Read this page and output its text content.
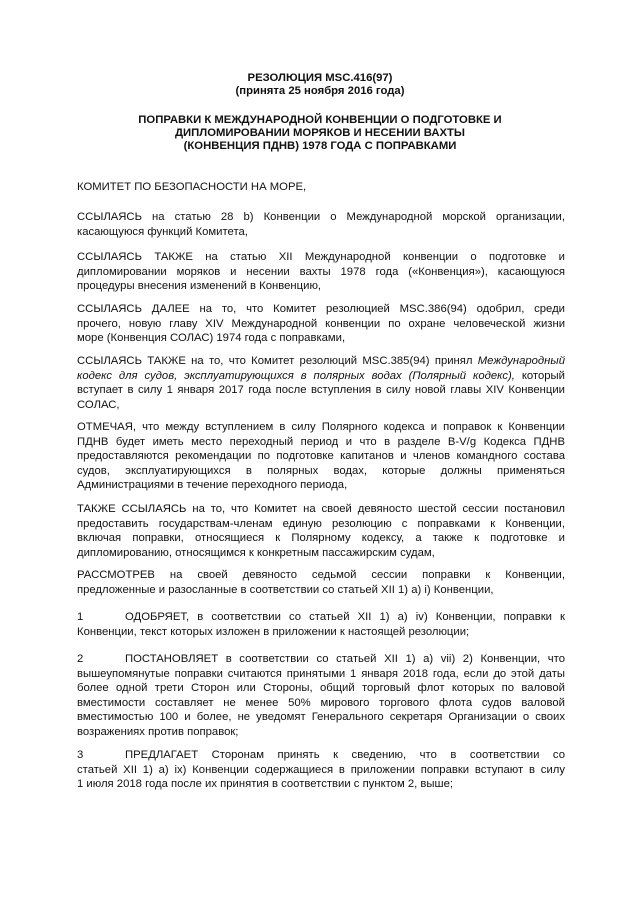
РЕЗОЛЮЦИЯ MSC.416(97)
(принята 25 ноября 2016 года)
ПОПРАВКИ К МЕЖДУНАРОДНОЙ КОНВЕНЦИИ О ПОДГОТОВКЕ И
ДИПЛОМИРОВАНИИ МОРЯКОВ И НЕСЕНИИ ВАХТЫ
(КОНВЕНЦИЯ ПДНВ) 1978 ГОДА С ПОПРАВКАМИ
КОМИТЕТ ПО БЕЗОПАСНОСТИ НА МОРЕ,
ССЫЛАЯСЬ на статью 28 b) Конвенции о Международной морской организации,
касающуюся функций Комитета,
ССЫЛАЯСЬ ТАКЖЕ на статью XII Международной конвенции о подготовке и
дипломировании моряков и несении вахты 1978 года («Конвенция»), касающуюся
процедуры внесения изменений в Конвенцию,
ССЫЛАЯСЬ ДАЛЕЕ на то, что Комитет резолюцией MSC.386(94) одобрил, среди
прочего, новую главу XIV Международной конвенции по охране человеческой жизни
море (Конвенция СОЛАС) 1974 года с поправками,
ССЫЛАЯСЬ ТАКЖЕ на то, что Комитет резолюций MSC.385(94) принял Международный
кодекс для судов, эксплуатирующихся в полярных водах (Полярный кодекс), который
вступает в силу 1 января 2017 года после вступления в силу новой главы XIV Конвенции
СОЛАС,
ОТМЕЧАЯ, что между вступлением в силу Полярного кодекса и поправок к Конвенции
ПДНВ будет иметь место переходный период и что в разделе B-V/g Кодекса ПДНВ
предоставляются рекомендации по подготовке капитанов и членов командного состава
судов, эксплуатирующихся в полярных водах, которые должны применяться
Администрациями в течение переходного периода,
ТАКЖЕ ССЫЛАЯСЬ на то, что Комитет на своей девяносто шестой сессии постановил
предоставить государствам-членам единую резолюцию с поправками к Конвенции,
включая поправки, относящиеся к Полярному кодексу, а также к подготовке и
дипломированию, относящимся к конкретным пассажирским судам,
РАССМОТРЕВ на своей девяносто седьмой сессии поправки к Конвенции,
предложенные и разосланные в соответствии со статьей XII 1) a) i) Конвенции,
1	ОДОБРЯЕТ, в соответствии со статьей XII 1) a) iv) Конвенции, поправки к
Конвенции, текст которых изложен в приложении к настоящей резолюции;
2	ПОСТАНОВЛЯЕТ в соответствии со статьей XII 1) a) vii) 2) Конвенции, что
вышеупомянутые поправки считаются принятыми 1 января 2018 года, если до этой даты
более одной трети Сторон или Стороны, общий торговый флот которых по валовой
вместимости составляет не менее 50% мирового торгового флота судов валовой
вместимостью 100 и более, не уведомят Генерального секретаря Организации о своих
возражениях против поправок;
3	ПРЕДЛАГАЕТ Сторонам принять к сведению, что в соответствии со
статьей XII 1) a) ix) Конвенции содержащиеся в приложении поправки вступают в силу
1 июля 2018 года после их принятия в соответствии с пунктом 2, выше;
